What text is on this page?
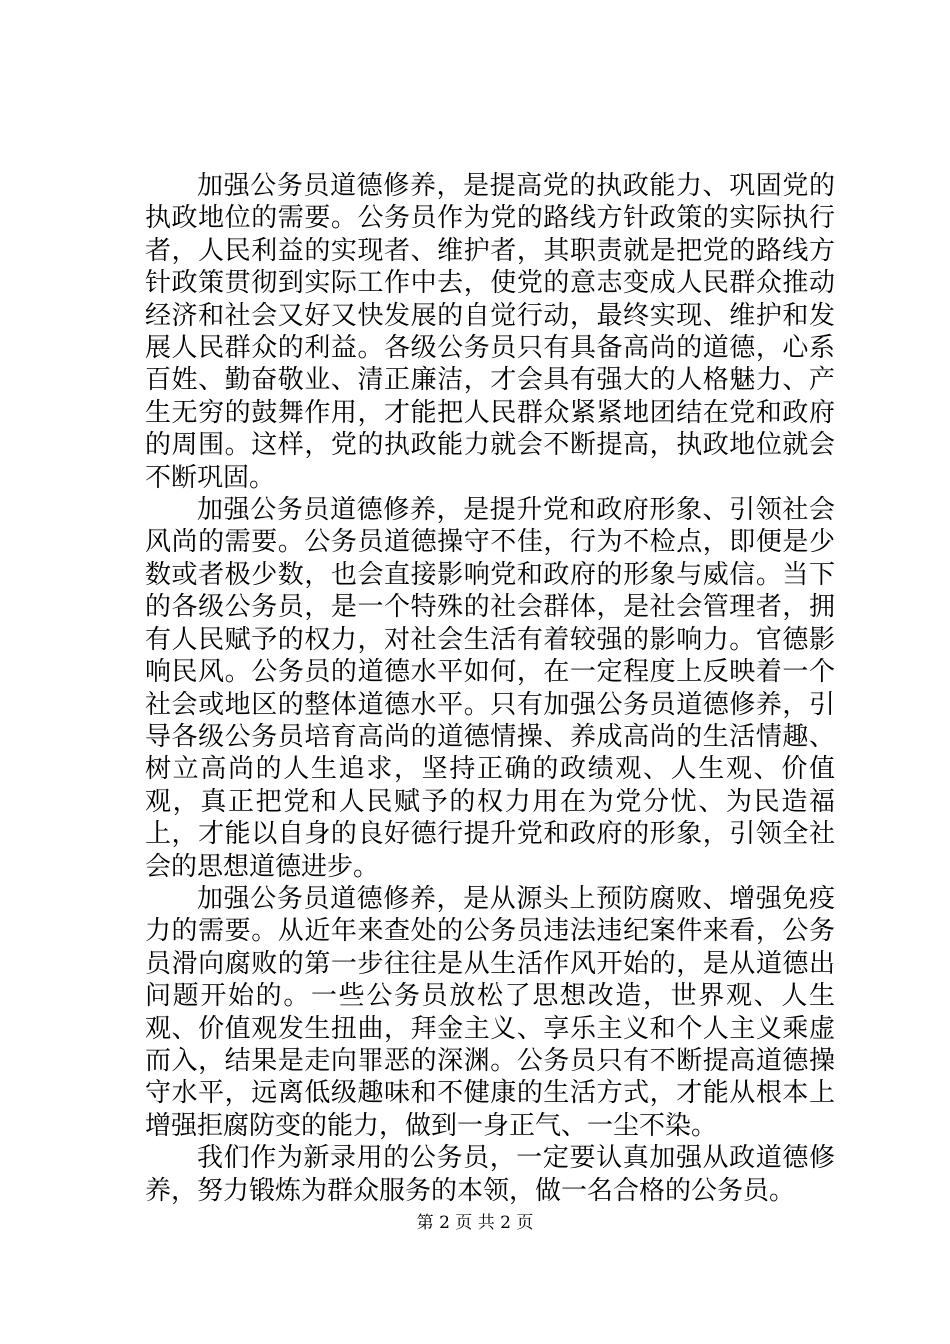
加强公务员道德修养，是提高党的执政能力、巩固党的执政地位的需要。公务员作为党的路线方针政策的实际执行者，人民利益的实现者、维护者，其职责就是把党的路线方针政策贯彻到实际工作中去，使党的意志变成人民群众推动经济和社会又好又快发展的自觉行动，最终实现、维护和发展人民群众的利益。各级公务员只有具备高尚的道德，心系百姓、勤奋敬业、清正廉洁，才会具有强大的人格魅力、产生无穷的鼓舞作用，才能把人民群众紧紧地团结在党和政府的周围。这样，党的执政能力就会不断提高，执政地位就会不断巩固。

加强公务员道德修养，是提升党和政府形象、引领社会风尚的需要。公务员道德操守不佳，行为不检点，即便是少数或者极少数，也会直接影响党和政府的形象与威信。当下的各级公务员，是一个特殊的社会群体，是社会管理者，拥有人民赋予的权力，对社会生活有着较强的影响力。官德影响民风。公务员的道德水平如何，在一定程度上反映着一个社会或地区的整体道德水平。只有加强公务员道德修养，引导各级公务员培育高尚的道德情操、养成高尚的生活情趣、树立高尚的人生追求，坚持正确的政绩观、人生观、价值观，真正把党和人民赋予的权力用在为党分忧、为民造福上，才能以自身的良好德行提升党和政府的形象，引领全社会的思想道德进步。

加强公务员道德修养，是从源头上预防腐败、增强免疫力的需要。从近年来查处的公务员违法违纪案件来看，公务员滑向腐败的第一步往往是从生活作风开始的，是从道德出问题开始的。一些公务员放松了思想改造，世界观、人生观、价值观发生扭曲，拜金主义、享乐主义和个人主义乘虚而入，结果是走向罪恶的深渊。公务员只有不断提高道德操守水平，远离低级趣味和不健康的生活方式，才能从根本上增强拒腐防变的能力，做到一身正气、一尘不染。

我们作为新录用的公务员，一定要认真加强从政道德修养，努力锻炼为群众服务的本领，做一名合格的公务员。

第 2 页 共 2 页
